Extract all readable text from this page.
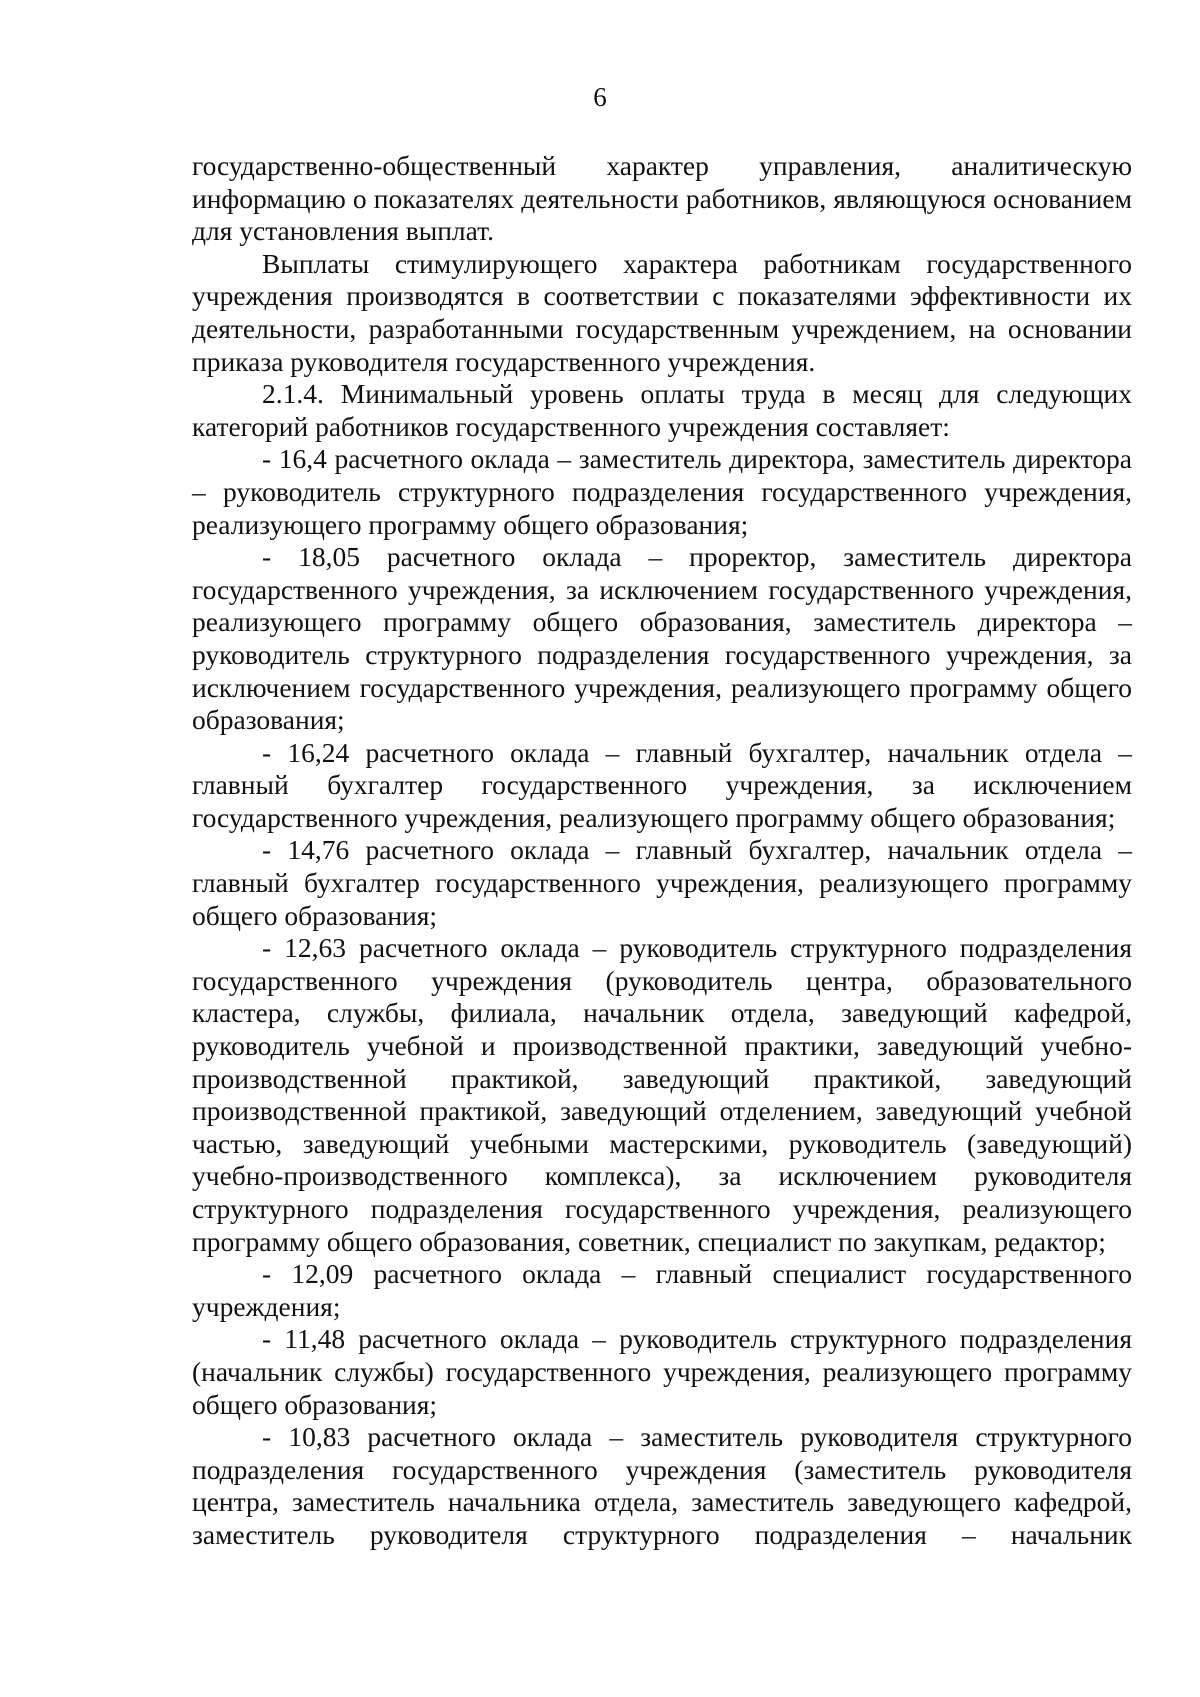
6

государственно-общественный характер управления, аналитическую информацию о показателях деятельности работников, являющуюся основанием для установления выплат.

Выплаты стимулирующего характера работникам государственного учреждения производятся в соответствии с показателями эффективности их деятельности, разработанными государственным учреждением, на основании приказа руководителя государственного учреждения.

2.1.4. Минимальный уровень оплаты труда в месяц для следующих категорий работников государственного учреждения составляет:

- 16,4 расчетного оклада – заместитель директора, заместитель директора – руководитель структурного подразделения государственного учреждения, реализующего программу общего образования;

- 18,05 расчетного оклада – проректор, заместитель директора государственного учреждения, за исключением государственного учреждения, реализующего программу общего образования, заместитель директора – руководитель структурного подразделения государственного учреждения, за исключением государственного учреждения, реализующего программу общего образования;

- 16,24 расчетного оклада – главный бухгалтер, начальник отдела – главный бухгалтер государственного учреждения, за исключением государственного учреждения, реализующего программу общего образования;

- 14,76 расчетного оклада – главный бухгалтер, начальник отдела – главный бухгалтер государственного учреждения, реализующего программу общего образования;

- 12,63 расчетного оклада – руководитель структурного подразделения государственного учреждения (руководитель центра, образовательного кластера, службы, филиала, начальник отдела, заведующий кафедрой, руководитель учебной и производственной практики, заведующий учебно-производственной практикой, заведующий практикой, заведующий производственной практикой, заведующий отделением, заведующий учебной частью, заведующий учебными мастерскими, руководитель (заведующий) учебно-производственного комплекса), за исключением руководителя структурного подразделения государственного учреждения, реализующего программу общего образования, советник, специалист по закупкам, редактор;

- 12,09 расчетного оклада – главный специалист государственного учреждения;

- 11,48 расчетного оклада – руководитель структурного подразделения (начальник службы) государственного учреждения, реализующего программу общего образования;

- 10,83 расчетного оклада – заместитель руководителя структурного подразделения государственного учреждения (заместитель руководителя центра, заместитель начальника отдела, заместитель заведующего кафедрой, заместитель руководителя структурного подразделения – начальник
